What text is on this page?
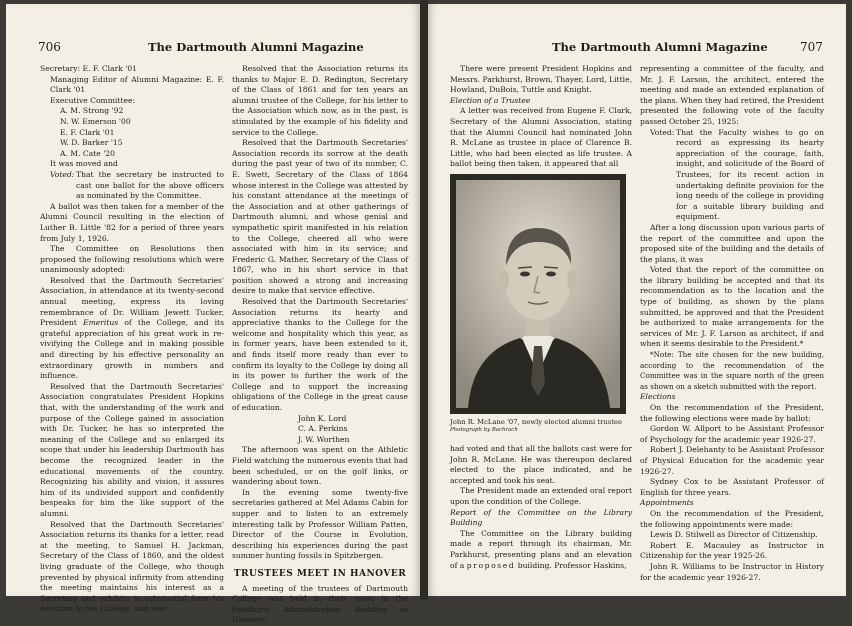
706	The Dartmouth Alumni Magazine

Secretary: E. F. Clark '01

Managing Editor of Alumni Magazine: E. F. Clark '01

Executive Committee:

A. M. Strong '92

N. W. Emerson '00

E. F. Clark '01

W. D. Barker '15

A. M. Cate '20

It was moved and

Voted: That the secretary be instructed to cast one ballot for the above officers as nominated by the Committee.

A ballot was then taken for a member of the Alumni Council resulting in the election of Luther B. Little '82 for a period of three years from July 1, 1926.

The Committee on Resolutions then proposed the following resolutions which were unanimously adopted:

Resolved that the Dartmouth Secretaries' Association, in attendance at its twenty-second annual meeting, express its loving remembrance of Dr. William Jewett Tucker, President Emeritus of the College, and its grateful appreciation of his great work in re-vivifying the College and in making possible and directing by his effective personality an extraordinary growth in numbers and influence.

Resolved that the Dartmouth Secretaries' Association congratulates President Hopkins that, with the understanding of the work and purpose of the College gained in association with Dr. Tucker, he has so interpreted the meaning of the College and so enlarged its scope that under his leadership Dartmouth has become the recognized leader in the educational movements of the country. Recognizing his ability and vision, it assures him of its undivided support and confidently bespeaks for him the like support of the alumni.

Resolved that the Dartmouth Secretaries' Association returns its thanks for a letter, read at the meeting, to Samuel H. Jackman, Secretary of the Class of 1860, and the oldest living graduate of the College, who though prevented by physical infirmity from attending the meeting maintains his interest as a Secretary and exhibits in substantial form his devotion to the College, and also

Resolved that the Association returns its thanks to Major E. D. Redington, Secretary of the Class of 1861 and for ten years an alumni trustee of the College, for his letter to the Association which now, as in the past, is stimulated by the example of his fidelity and service to the College.

Resolved that the Dartmouth Secretaries' Association records its sorrow at the death during the past year of two of its number, C. E. Swett, Secretary of the Class of 1864 whose interest in the College was attested by his constant attendance at the meetings of the Association and at other gatherings of Dartmouth alumni, and whose genial and sympathetic spirit manifested in his relation to the College, cheered all who were associated with him in its service; and Frederic G. Mather, Secretary of the Class of 1867, who in his short service in that position showed a strong and increasing desire to make that service effective.

Resolved that the Dartmouth Secretaries' Association returns its hearty and appreciative thanks to the College for the welcome and hospitality which this year, as in former years, have been extended to it, and finds itself more ready than ever to confirm its loyalty to the College by doing all in its power to further the work of the College and to support the increasing obligations of the College in the great cause of education.

John K. Lord

C. A. Perkins

J. W. Worthen

The afternoon was spent on the Athletic Field watching the numerous events that had been scheduled, or on the golf links, or wandering about town.

In the evening some twenty-five secretaries gathered at Mel Adams Cabin for supper and to listen to an extremely interesting talk by Professor William Patten, Director of the Course in Evolution, describing his experiences during the past summer hunting fossils in Spitzbergen.

TRUSTEES MEET IN HANOVER

A meeting of the trustees of Dartmouth College was held in their room in the Parkhurst Administration Building in Hanover.

The Dartmouth Alumni Magazine	707

There were present President Hopkins and Messrs. Parkhurst, Brown, Thayer, Lord, Little, Howland, DuBois, Tuttle and Knight.

Election of a Trustee

A letter was received from Eugene F. Clark, Secretary of the Alumni Association, stating that the Alumni Council had nominated John R. McLane as trustee in place of Clarence B. Little, who had been elected as life trustee. A ballot being then taken, it appeared that all

John R. McLane '07, newly elected alumni trustee
Photograph by Bachrach

had voted and that all the ballots cast were for John R. McLane. He was thereupon declared elected to the place indicated, and he accepted and took his seat.

The President made an extended oral report upon the condition of the College.

Report of the Committee on the Library Building

The Committee on the Library building made a report through its chairman, Mr. Parkhurst, presenting plans and an elevation of a proposed building. Professor Haskins,

representing a committee of the faculty, and Mr. J. F. Larson, the architect, entered the meeting and made an extended explanation of the plans. When they had retired, the President presented the following vote of the faculty passed October 25, 1925:

Voted: That the Faculty wishes to go on record as expressing its hearty appreciation of the courage, faith, insight, and solicitude of the Board of Trustees, for its recent action in undertaking definite provision for the long needs of the college in providing for a suitable library building and equipment.

After a long discussion upon various parts of the report of the committee and upon the proposed site of the building and the details of the plans, it was

Voted that the report of the committee on the library building be accepted and that its recommendation as to the location and the type of building, as shown by the plans submitted, be approved and that the President be authorized to make arrangements for the services of Mr. J. F. Larson as architect, if and when it seems desirable to the President.*

*Note: The site chosen for the new building, according to the recommendation of the Committee was in the square north of the green as shown on a sketch submitted with the report.

Elections

On the recommendation of the President, the following elections were made by ballot:

Gordon W. Allport to be Assistant Professor of Psychology for the academic year 1926-27.

Robert J. Delehanty to be Assistant Professor of Physical Education for the academic year 1926-27.

Sydney Cox to be Assistant Professor of English for three years.

Appointments

On the recommendation of the President, the following appointments were made:

Lewis D. Stilwell as Director of Citizenship.

Robert E. Macauley as Instructor in Citizenship for the year 1925-26.

John R. Williams to be Instructor in History for the academic year 1926-27.
